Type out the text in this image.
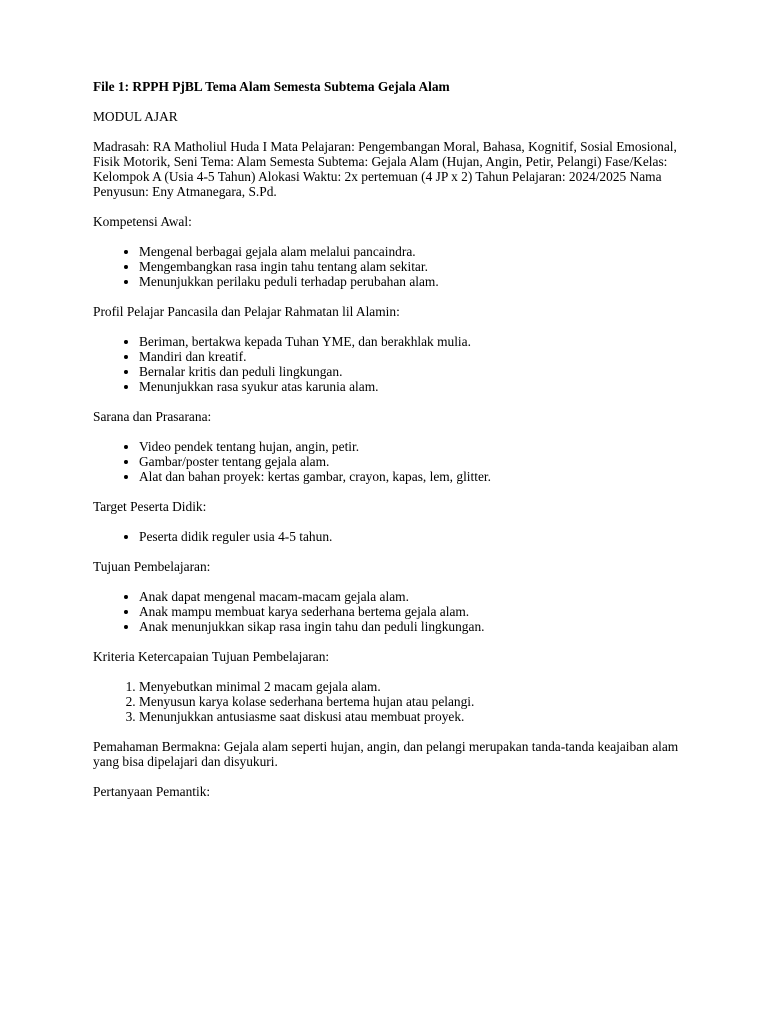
File 1: RPPH PjBL Tema Alam Semesta Subtema Gejala Alam

MODUL AJAR

Madrasah: RA Matholiul Huda I Mata Pelajaran: Pengembangan Moral, Bahasa, Kognitif, Sosial Emosional, Fisik Motorik, Seni Tema: Alam Semesta Subtema: Gejala Alam (Hujan, Angin, Petir, Pelangi) Fase/Kelas: Kelompok A (Usia 4-5 Tahun) Alokasi Waktu: 2x pertemuan (4 JP x 2) Tahun Pelajaran: 2024/2025 Nama Penyusun: Eny Atmanegara, S.Pd.

Kompetensi Awal:

• Mengenal berbagai gejala alam melalui pancaindra.
• Mengembangkan rasa ingin tahu tentang alam sekitar.
• Menunjukkan perilaku peduli terhadap perubahan alam.

Profil Pelajar Pancasila dan Pelajar Rahmatan lil Alamin:

• Beriman, bertakwa kepada Tuhan YME, dan berakhlak mulia.
• Mandiri dan kreatif.
• Bernalar kritis dan peduli lingkungan.
• Menunjukkan rasa syukur atas karunia alam.

Sarana dan Prasarana:

• Video pendek tentang hujan, angin, petir.
• Gambar/poster tentang gejala alam.
• Alat dan bahan proyek: kertas gambar, crayon, kapas, lem, glitter.

Target Peserta Didik:

• Peserta didik reguler usia 4-5 tahun.

Tujuan Pembelajaran:

• Anak dapat mengenal macam-macam gejala alam.
• Anak mampu membuat karya sederhana bertema gejala alam.
• Anak menunjukkan sikap rasa ingin tahu dan peduli lingkungan.

Kriteria Ketercapaian Tujuan Pembelajaran:

1. Menyebutkan minimal 2 macam gejala alam.
2. Menyusun karya kolase sederhana bertema hujan atau pelangi.
3. Menunjukkan antusiasme saat diskusi atau membuat proyek.

Pemahaman Bermakna: Gejala alam seperti hujan, angin, dan pelangi merupakan tanda-tanda keajaiban alam yang bisa dipelajari dan disyukuri.

Pertanyaan Pemantik:
